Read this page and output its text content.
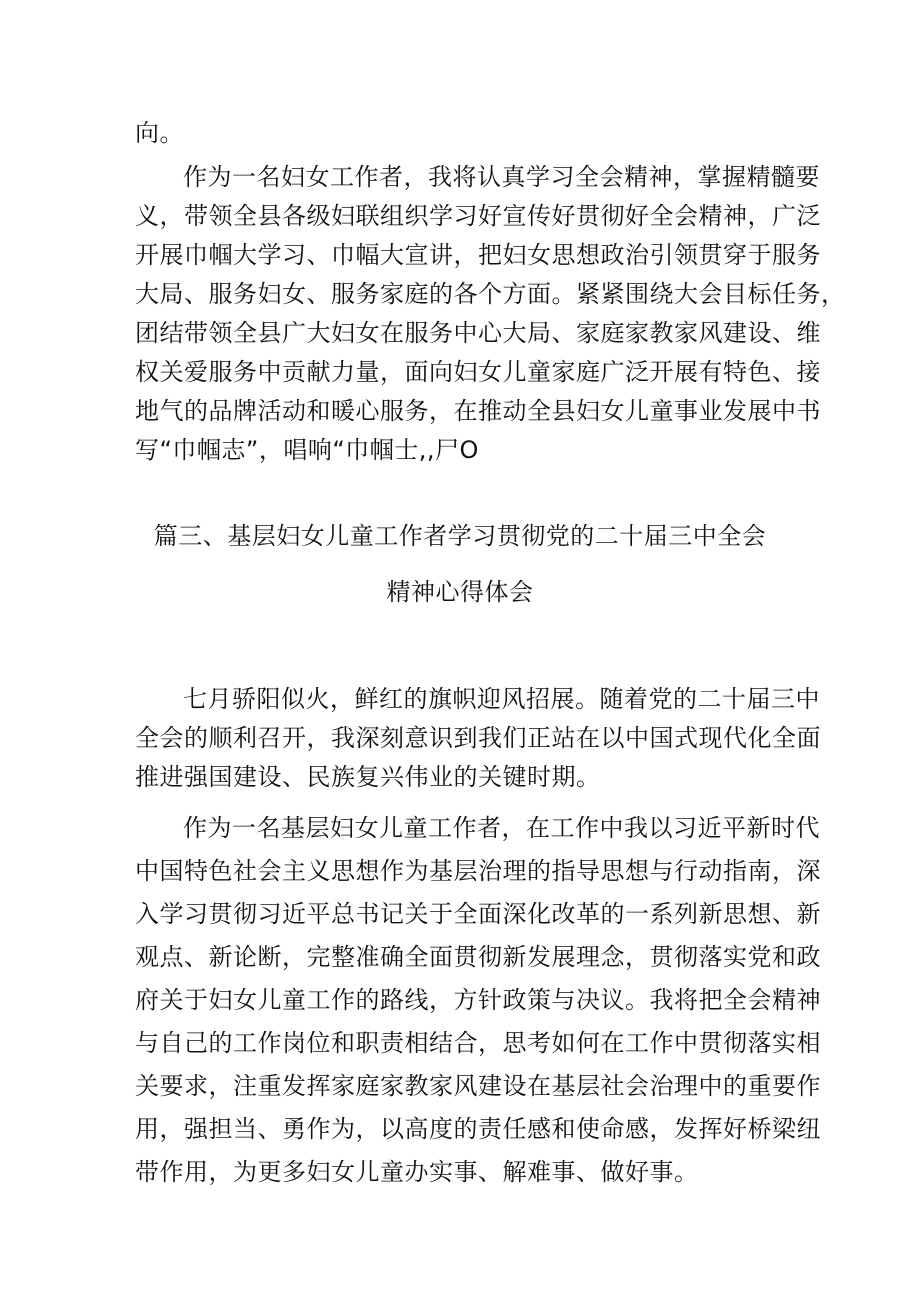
向。
作为一名妇女工作者，我将认真学习全会精神，掌握精髓要
义，带领全县各级妇联组织学习好宣传好贯彻好全会精神，广泛
开展巾帼大学习、巾幅大宣讲，把妇女思想政治引领贯穿于服务
大局、服务妇女、服务家庭的各个方面。紧紧围绕大会目标任务，
团结带领全县广大妇女在服务中心大局、家庭家教家风建设、维
权关爱服务中贡献力量，面向妇女儿童家庭广泛开展有特色、接
地气的品牌活动和暖心服务，在推动全县妇女儿童事业发展中书
写“巾帼志”，唱响“巾帼士,,尸O
篇三、基层妇女儿童工作者学习贯彻党的二十届三中全会
精神心得体会
七月骄阳似火，鲜红的旗帜迎风招展。随着党的二十届三中
全会的顺利召开，我深刻意识到我们正站在以中国式现代化全面
推进强国建设、民族复兴伟业的关键时期。
作为一名基层妇女儿童工作者，在工作中我以习近平新时代
中国特色社会主义思想作为基层治理的指导思想与行动指南，深
入学习贯彻习近平总书记关于全面深化改革的一系列新思想、新
观点、新论断，完整准确全面贯彻新发展理念，贯彻落实党和政
府关于妇女儿童工作的路线，方针政策与决议。我将把全会精神
与自己的工作岗位和职责相结合，思考如何在工作中贯彻落实相
关要求，注重发挥家庭家教家风建设在基层社会治理中的重要作
用，强担当、勇作为，以高度的责任感和使命感，发挥好桥梁纽
带作用，为更多妇女儿童办实事、解难事、做好事。
